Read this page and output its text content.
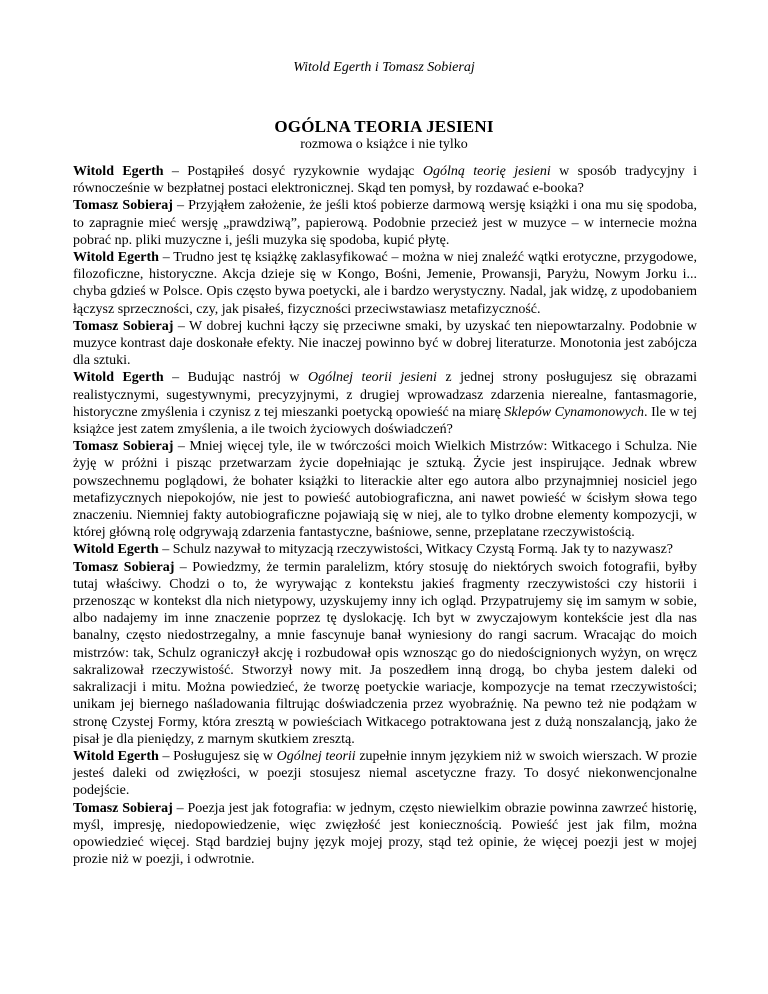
Witold Egerth i Tomasz Sobieraj
OGÓLNA TEORIA JESIENI
rozmowa o książce i nie tylko

Witold Egerth – Postąpiłeś dosyć ryzykownie wydając Ogólną teorię jesieni w sposób tradycyjny i równocześnie w bezpłatnej postaci elektronicznej. Skąd ten pomysł, by rozdawać e-booka?

Tomasz Sobieraj – Przyjąłem założenie, że jeśli ktoś pobierze darmową wersję książki i ona mu się spodoba, to zapragnie mieć wersję „prawdziwą”, papierową. Podobnie przecież jest w muzyce – w internecie można pobrać np. pliki muzyczne i, jeśli muzyka się spodoba, kupić płytę.

Witold Egerth – Trudno jest tę książkę zaklasyfikować – można w niej znaleźć wątki erotyczne, przygodowe, filozoficzne, historyczne. Akcja dzieje się w Kongo, Bośni, Jemenie, Prowansji, Paryżu, Nowym Jorku i... chyba gdzieś w Polsce. Opis często bywa poetycki, ale i bardzo werystyczny. Nadal, jak widzę, z upodobaniem łączysz sprzeczności, czy, jak pisałeś, fizyczności przeciwstawiasz metafizyczność.

Tomasz Sobieraj – W dobrej kuchni łączy się przeciwne smaki, by uzyskać ten niepowtarzalny. Podobnie w muzyce kontrast daje doskonałe efekty. Nie inaczej powinno być w dobrej literaturze. Monotonia jest zabójcza dla sztuki.

Witold Egerth – Budując nastrój w Ogólnej teorii jesieni z jednej strony posługujesz się obrazami realistycznymi, sugestywnymi, precyzyjnymi, z drugiej wprowadzasz zdarzenia nierealne, fantasmagorie, historyczne zmyślenia i czynisz z tej mieszanki poetycką opowieść na miarę Sklepów Cynamonowych. Ile w tej książce jest zatem zmyślenia, a ile twoich życiowych doświadczeń?

Tomasz Sobieraj – Mniej więcej tyle, ile w twórczości moich Wielkich Mistrzów: Witkacego i Schulza. Nie żyję w próżni i pisząc przetwarzam życie dopełniając je sztuką. Życie jest inspirujące. Jednak wbrew powszechnemu poglądowi, że bohater książki to literackie alter ego autora albo przynajmniej nosiciel jego metafizycznych niepokojów, nie jest to powieść autobiograficzna, ani nawet powieść w ścisłym słowa tego znaczeniu. Niemniej fakty autobiograficzne pojawiają się w niej, ale to tylko drobne elementy kompozycji, w której główną rolę odgrywają zdarzenia fantastyczne, baśniowe, senne, przeplatane rzeczywistością.

Witold Egerth – Schulz nazywał to mityzacją rzeczywistości, Witkacy Czystą Formą. Jak ty to nazywasz?

Tomasz Sobieraj – Powiedzmy, że termin paralelizm, który stosuję do niektórych swoich fotografii, byłby tutaj właściwy. Chodzi o to, że wyrywając z kontekstu jakieś fragmenty rzeczywistości czy historii i przenosząc w kontekst dla nich nietypowy, uzyskujemy inny ich ogląd. Przypatrujemy się im samym w sobie, albo nadajemy im inne znaczenie poprzez tę dyslokację. Ich byt w zwyczajowym kontekście jest dla nas banalny, często niedostrzegalny, a mnie fascynuje banał wyniesiony do rangi sacrum. Wracając do moich mistrzów: tak, Schulz ograniczył akcję i rozbudował opis wznosząc go do niedoścignionych wyżyn, on wręcz sakralizował rzeczywistość. Stworzył nowy mit. Ja poszedłem inną drogą, bo chyba jestem daleki od sakralizacji i mitu. Można powiedzieć, że tworzę poetyckie wariacje, kompozycje na temat rzeczywistości; unikam jej biernego naśladowania filtrując doświadczenia przez wyobraźnię. Na pewno też nie podążam w stronę Czystej Formy, która zresztą w powieściach Witkacego potraktowana jest z dużą nonszalancją, jako że pisał je dla pieniędzy, z marnym skutkiem zresztą.

Witold Egerth – Posługujesz się w Ogólnej teorii zupełnie innym językiem niż w swoich wierszach. W prozie jesteś daleki od zwięzłości, w poezji stosujesz niemal ascetyczne frazy. To dosyć niekonwencjonalne podejście.

Tomasz Sobieraj – Poezja jest jak fotografia: w jednym, często niewielkim obrazie powinna zawrzeć historię, myśl, impresję, niedopowiedzenie, więc zwięzłość jest koniecznością. Powieść jest jak film, można opowiedzieć więcej. Stąd bardziej bujny język mojej prozy, stąd też opinie, że więcej poezji jest w mojej prozie niż w poezji, i odwrotnie.
